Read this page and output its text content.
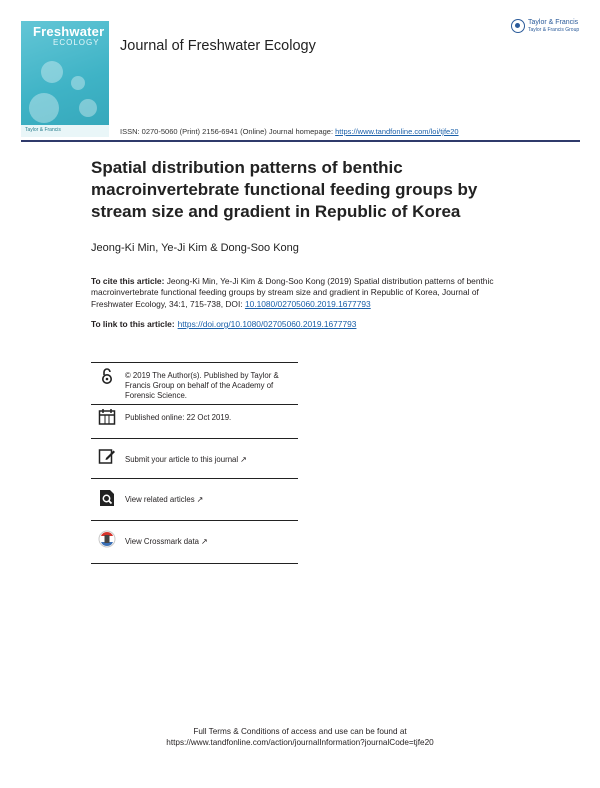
Freshwater
ECOLOGY
Taylor & Francis
Journal of Freshwater Ecology
Taylor & Francis
Taylor & Francis Group
ISSN: 0270-5060 (Print) 2156-6941 (Online) Journal homepage: https://www.tandfonline.com/loi/tjfe20
Spatial distribution patterns of benthic macroinvertebrate functional feeding groups by stream size and gradient in Republic of Korea
Jeong-Ki Min, Ye-Ji Kim & Dong-Soo Kong
To cite this article: Jeong-Ki Min, Ye-Ji Kim & Dong-Soo Kong (2019) Spatial distribution patterns of benthic macroinvertebrate functional feeding groups by stream size and gradient in Republic of Korea, Journal of Freshwater Ecology, 34:1, 715-738, DOI: 10.1080/02705060.2019.1677793
To link to this article: https://doi.org/10.1080/02705060.2019.1677793
© 2019 The Author(s). Published by Taylor & Francis Group on behalf of the Academy of Forensic Science.
Published online: 22 Oct 2019.
Submit your article to this journal ↗
View related articles ↗
View Crossmark data ↗
Full Terms & Conditions of access and use can be found at
https://www.tandfonline.com/action/journalInformation?journalCode=tjfe20
